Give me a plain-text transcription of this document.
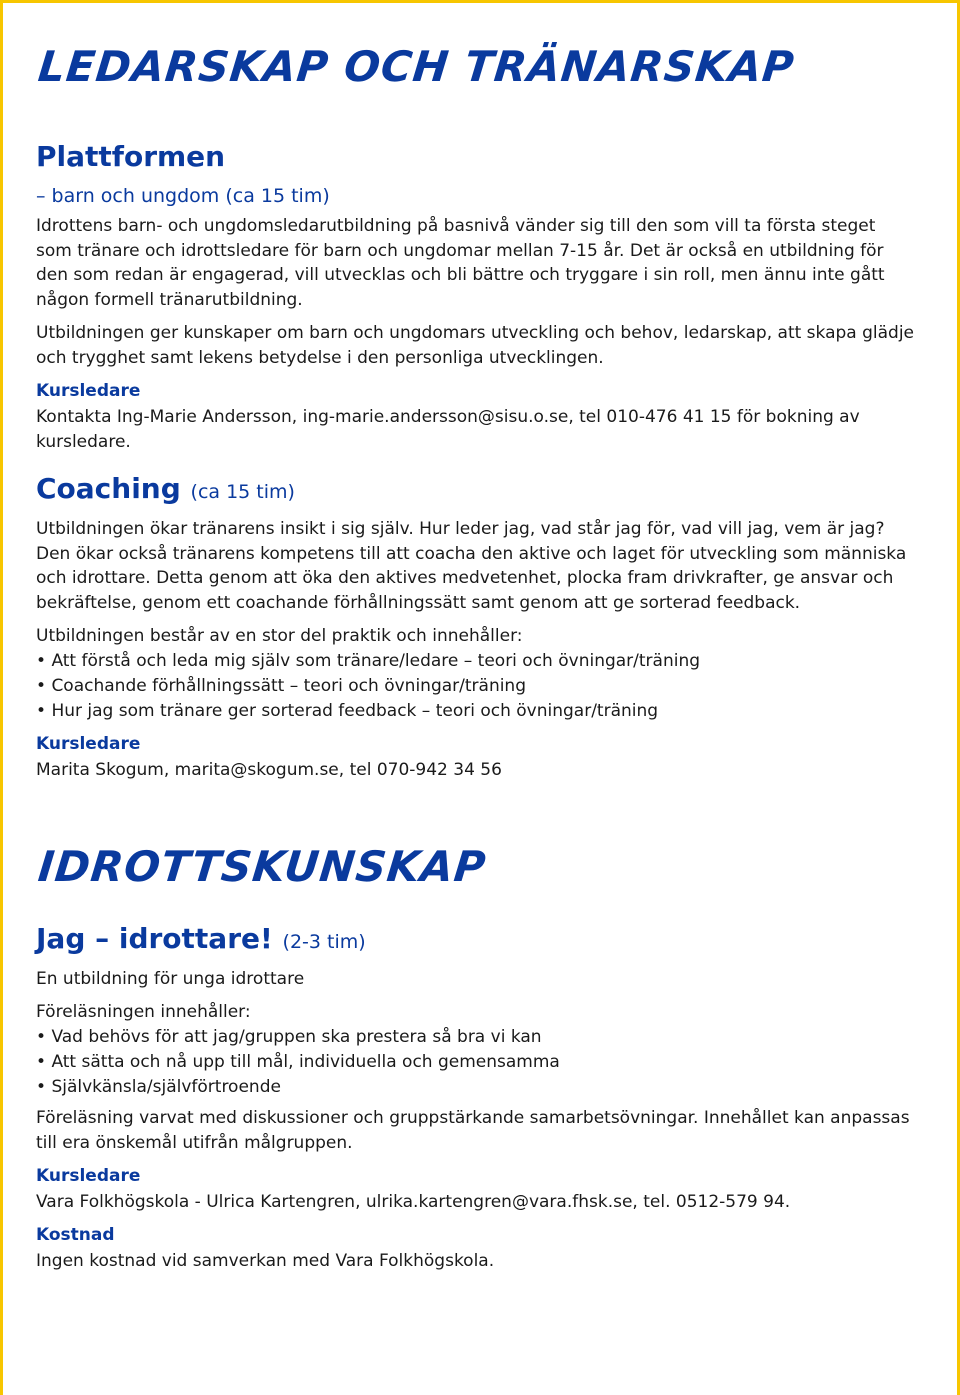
LEDARSKAP OCH TRÄNARSKAP
Plattformen
– barn och ungdom (ca 15 tim)

Idrottens barn- och ungdomsledarutbildning på basnivå vänder sig till den som vill ta första steget som tränare och idrottsledare för barn och ungdomar mellan 7-15 år. Det är också en utbildning för den som redan är engagerad, vill utvecklas och bli bättre och tryggare i sin roll, men ännu inte gått någon formell tränarutbildning.

Utbildningen ger kunskaper om barn och ungdomars utveckling och behov, ledarskap, att skapa glädje och trygghet samt lekens betydelse i den personliga utvecklingen.

Kursledare

Kontakta Ing-Marie Andersson, ing-marie.andersson@sisu.o.se, tel 010-476 41 15 för bokning av kursledare.

Coaching (ca 15 tim)

Utbildningen ökar tränarens insikt i sig själv. Hur leder jag, vad står jag för, vad vill jag, vem är jag? Den ökar också tränarens kompetens till att coacha den aktive och laget för utveckling som människa och idrottare. Detta genom att öka den aktives medvetenhet, plocka fram drivkrafter, ge ansvar och bekräftelse, genom ett coachande förhållningssätt samt genom att ge sorterad feedback.

Utbildningen består av en stor del praktik och innehåller:

• Att förstå och leda mig själv som tränare/ledare – teori och övningar/träning
• Coachande förhållningssätt – teori och övningar/träning
• Hur jag som tränare ger sorterad feedback – teori och övningar/träning
Kursledare

Marita Skogum, marita@skogum.se, tel 070-942 34 56

IDROTTSKUNSKAP
Jag – idrottare! (2-3 tim)

En utbildning för unga idrottare

Föreläsningen innehåller:

• Vad behövs för att jag/gruppen ska prestera så bra vi kan
• Att sätta och nå upp till mål, individuella och gemensamma
• Självkänsla/självförtroende

Föreläsning varvat med diskussioner och gruppstärkande samarbetsövningar. Innehållet kan anpassas till era önskemål utifrån målgruppen.

Kursledare

Vara Folkhögskola - Ulrica Kartengren, ulrika.kartengren@vara.fhsk.se, tel. 0512-579 94.

Kostnad

Ingen kostnad vid samverkan med Vara Folkhögskola.
